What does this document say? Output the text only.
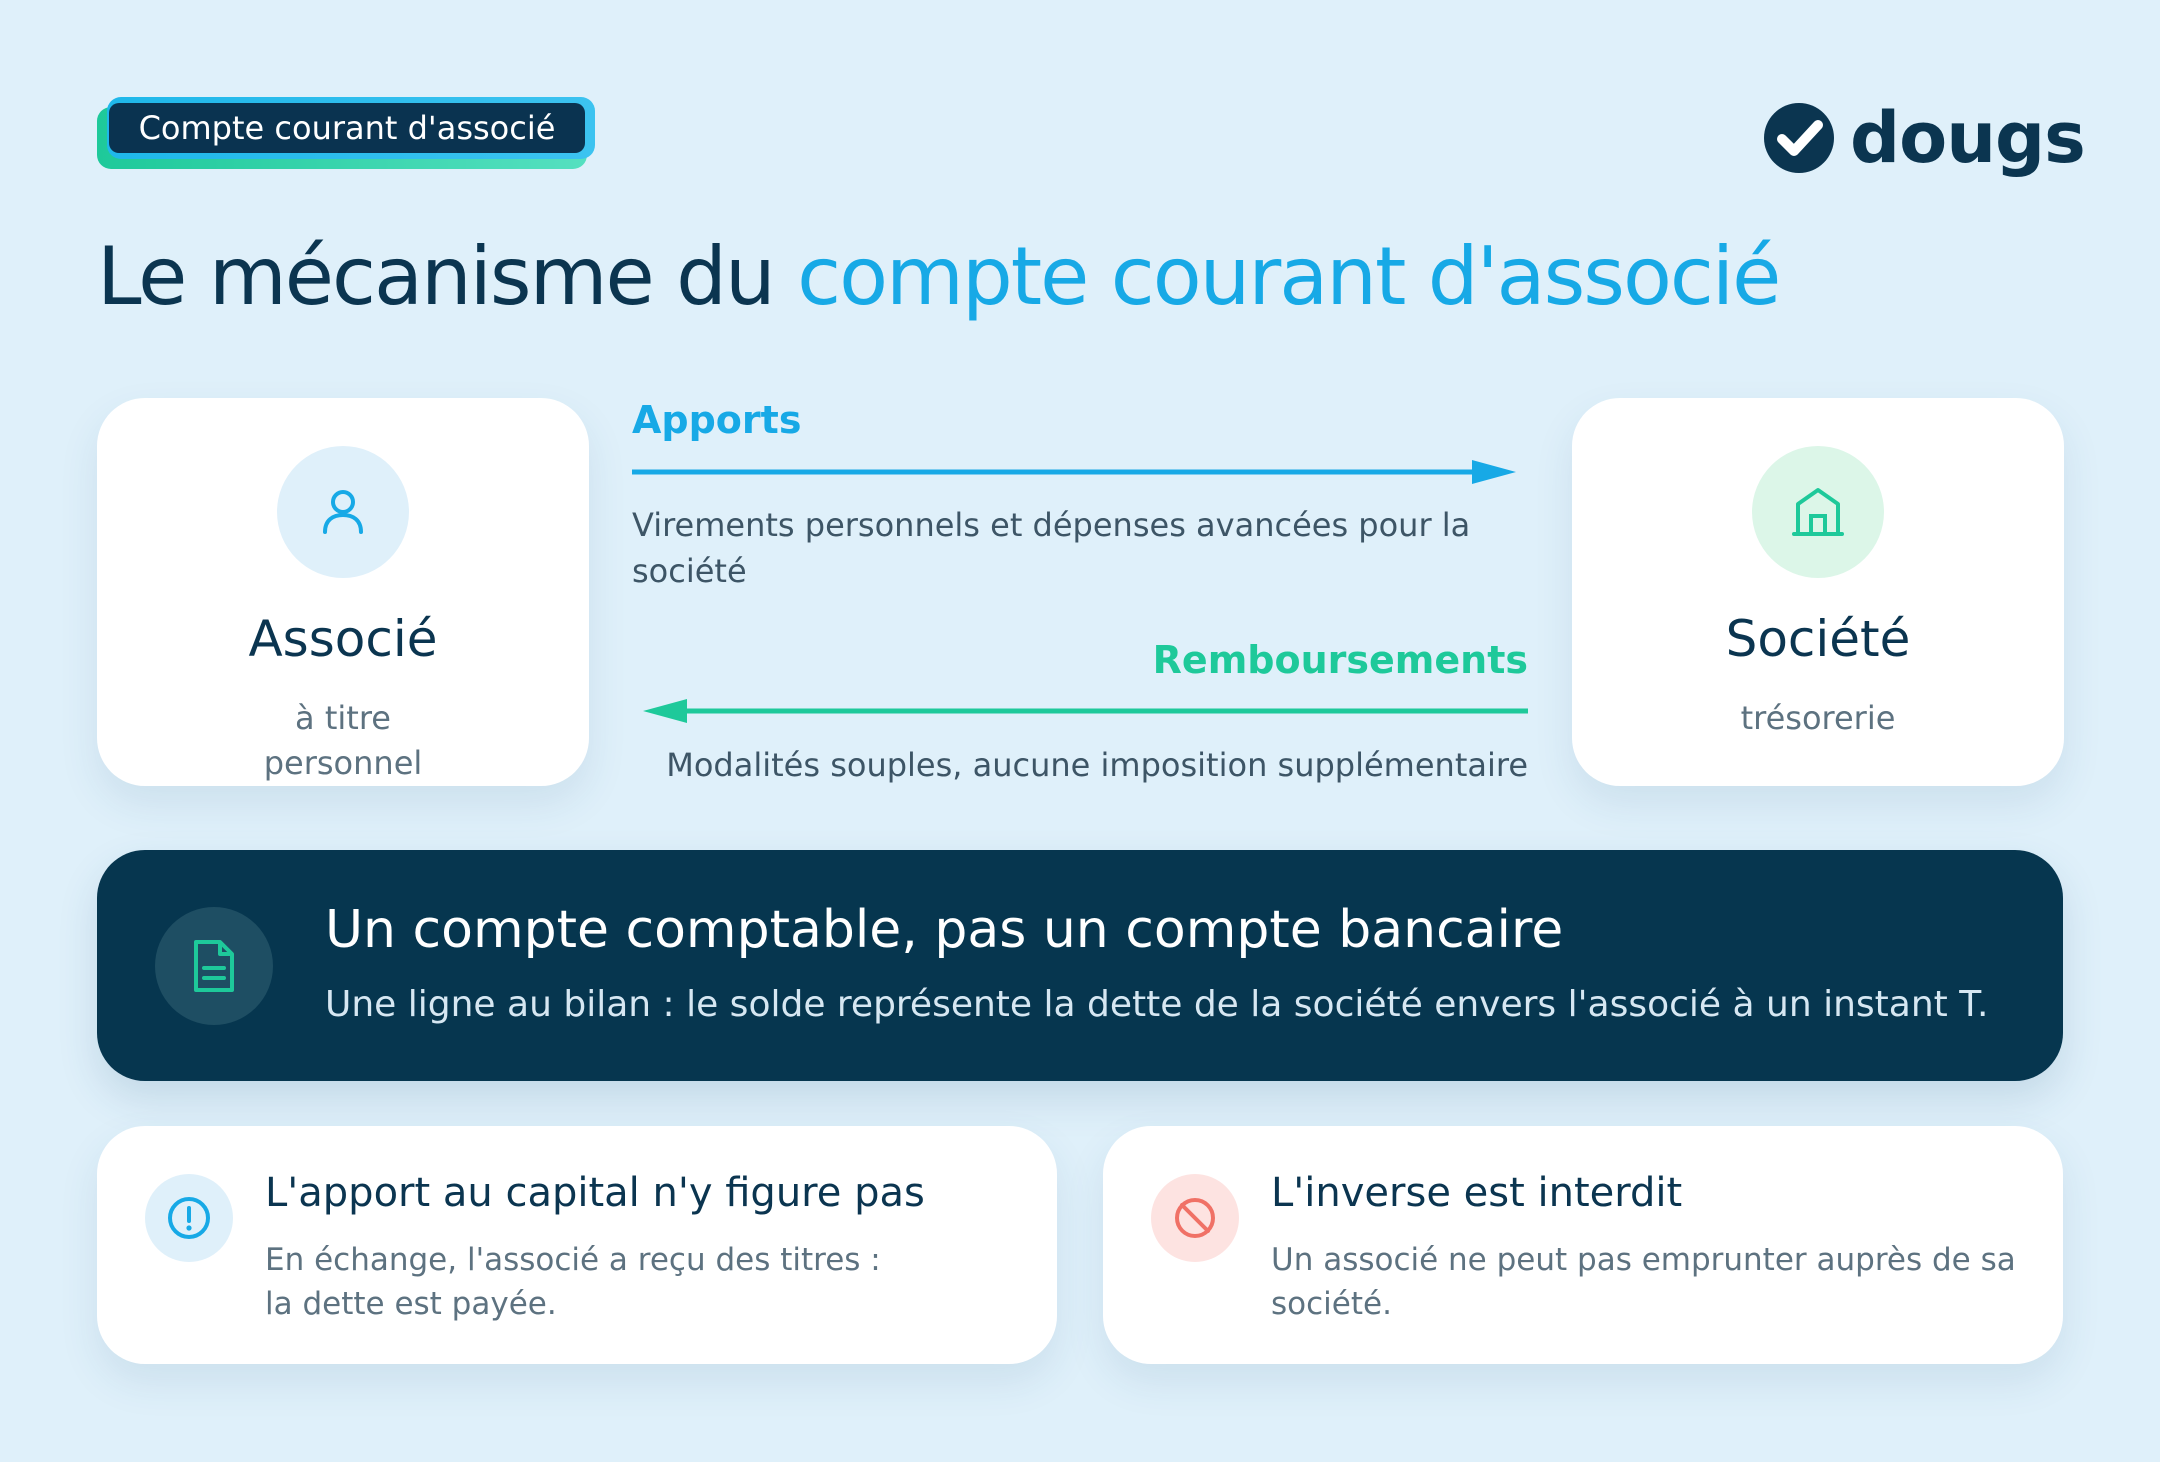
Compte courant d'associé	dougs
Le mécanisme du compte courant d'associé
Associé
à titre
personnel
Société
trésorerie
Apports
Virements personnels et dépenses avancées pour la
société
Remboursements
Modalités souples, aucune imposition supplémentaire
Un compte comptable, pas un compte bancaire
Une ligne au bilan : le solde représente la dette de la société envers l'associé à un instant T.
L'apport au capital n'y figure pas
En échange, l'associé a reçu des titres :
la dette est payée.
L'inverse est interdit
Un associé ne peut pas emprunter auprès de sa
société.
